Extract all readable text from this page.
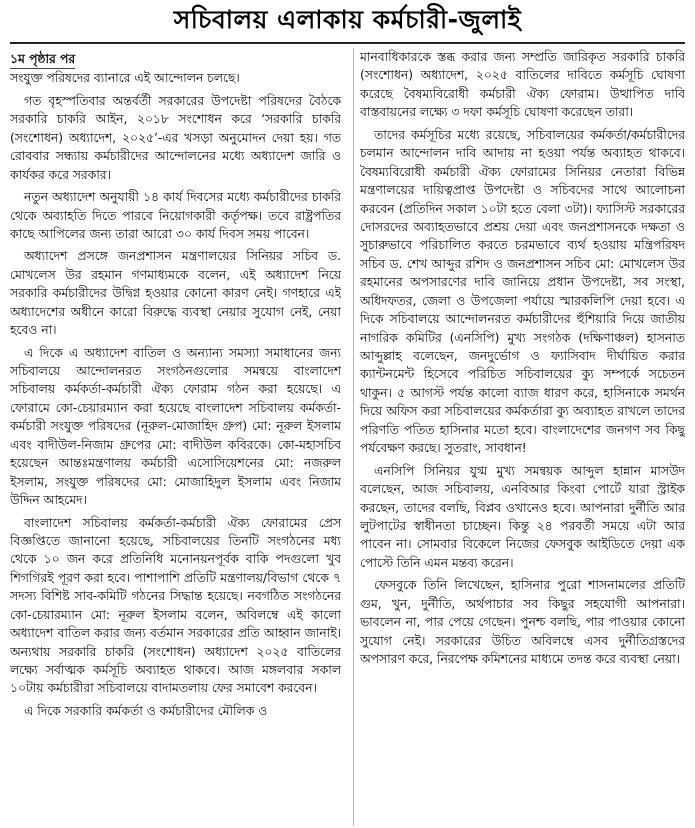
সচিবালয় এলাকায় কর্মচারী-জুলাই
১ম পৃষ্ঠার পর

সংযুক্ত পরিষদের ব্যানারে এই আন্দোলন চলছে।

গত বৃহস্পতিবার অন্তর্বর্তী সরকারের উপদেষ্টা পরিষদের বৈঠকে সরকারি চাকরি আইন, ২০১৮ সংশোধন করে ‘সরকারি চাকরি (সংশোধন) অধ্যাদেশ, ২০২৫’-এর খসড়া অনুমোদন দেয়া হয়। গত রোববার সন্ধ্যায় কর্মচারীদের আন্দোলনের মধ্যে অধ্যাদেশ জারি ও কার্যকর করে সরকার।

নতুন অধ্যাদেশ অনুযায়ী ১৪ কার্য দিবসের মধ্যে কর্মচারীদের চাকরি থেকে অব্যাহতি দিতে পারবে নিয়োগকারী কর্তৃপক্ষ। তবে রাষ্ট্রপতির কাছে আপিলের জন্য তারা আরো ৩০ কার্য দিবস সময় পাবেন।

অধ্যাদেশ প্রসঙ্গে জনপ্রশাসন মন্ত্রণালয়ের সিনিয়র সচিব ড. মোখলেস উর রহমান গণমাধ্যমকে বলেন, এই অধ্যাদেশ নিয়ে সরকারি কর্মচারীদের উদ্বিগ্ন হওয়ার কোনো কারণ নেই। গণহারে এই অধ্যাদেশের অধীনে কারো বিরুদ্ধে ব্যবস্থা নেয়ার সুযোগ নেই, নেয়া হবেও না।

এ দিকে এ অধ্যাদেশ বাতিল ও অন্যান্য সমস্যা সমাধানের জন্য সচিবালয়ে আন্দোলনরত সংগঠনগুলোর সমন্বয়ে বাংলাদেশ সচিবালয় কর্মকর্তা-কর্মচারী ঐক্য ফোরাম গঠন করা হয়েছে। এ ফোরামে কো-চেয়ারম্যান করা হয়েছে বাংলাদেশ সচিবালয় কর্মকর্তা-কর্মচারী সংযুক্ত পরিষদের (নূরুল-মোজাহিদ গ্রুপ) মো: নূরুল ইসলাম এবং বাদীউল-নিজাম গ্রুপের মো: বাদীউল কবিরকে। কো-মহাসচিব হয়েছেন আন্তঃমন্ত্রণালয় কর্মচারী এসোসিয়েশনের মো: নজরুল ইসলাম, সংযুক্ত পরিষদের মো: মোজাহিদুল ইসলাম এবং নিজাম উদ্দিন আহমেদ।

বাংলাদেশ সচিবালয় কর্মকর্তা-কর্মচারী ঐক্য ফোরামের প্রেস বিজ্ঞপ্তিতে জানানো হয়েছে, সচিবালয়ের তিনটি সংগঠনের মধ্য থেকে ১০ জন করে প্রতিনিধি মনোনয়নপূর্বক বাকি পদগুলো খুব শিগগিরই পূরণ করা হবে। পাশাপাশি প্রতিটি মন্ত্রণালয়/বিভাগ থেকে ৭ সদস্য বিশিষ্ট সাব-কমিটি গঠনের সিদ্ধান্ত হয়েছে। নবগঠিত সংগঠনের কো-চেয়ারম্যান মো: নূরুল ইসলাম বলেন, অবিলম্বে এই কালো অধ্যাদেশ বাতিল করার জন্য বর্তমান সরকারের প্রতি আহ্বান জানাই। অন্যথায় সরকারি চাকরি (সংশোধন) অধ্যাদেশ ২০২৫ বাতিলের লক্ষ্যে সর্বাত্মক কর্মসূচি অব্যাহত থাকবে। আজ মঙ্গলবার সকাল ১০টায় কর্মচারীরা সচিবালয়ে বাদামতলায় ফের সমাবেশ করবেন।

এ দিকে সরকারি কর্মকর্তা ও কর্মচারীদের মৌলিক ও

মানবাধিকারকে স্তব্ধ করার জন্য সম্প্রতি জারিকৃত সরকারি চাকরি (সংশোধন) অধ্যাদেশ, ২০২৫ বাতিলের দাবিতে কর্মসূচি ঘোষণা করেছে বৈষম্যবিরোধী কর্মচারী ঐক্য ফোরাম। উত্থাপিত দাবি বাস্তবায়নের লক্ষ্যে ৩ দফা কর্মসূচি ঘোষণা করেছেন তারা।

তাদের কর্মসূচির মধ্যে রয়েছে, সচিবালয়ের কর্মকর্তা/কর্মচারীদের চলমান আন্দোলন দাবি আদায় না হওয়া পর্যন্ত অব্যাহত থাকবে। বৈষম্যবিরোধী কর্মচারী ঐক্য ফোরামের সিনিয়র নেতারা বিভিন্ন মন্ত্রণালয়ের দায়িত্বপ্রাপ্ত উপদেষ্টা ও সচিবদের সাথে আলোচনা করবেন (প্রতিদিন সকাল ১০টা হতে বেলা ৩টা)। ফ্যাসিস্ট সরকারের দোসরদের অব্যাহতভাবে প্রশ্রয় দেয়া এবং জনপ্রশাসনকে দক্ষতা ও সুচারুভাবে পরিচালিত করতে চরমভাবে ব্যর্থ হওয়ায় মন্ত্রিপরিষদ সচিব ড. শেখ আব্দুর রশিদ ও জনপ্রশাসন সচিব মো: মোখলেস উর রহমানের অপসারণের দাবি জানিয়ে প্রধান উপদেষ্টা, সব সংস্থা, অধিদফতর, জেলা ও উপজেলা পর্যায়ে স্মারকলিপি দেয়া হবে। এ দিকে সচিবালয়ে আন্দোলনরত কর্মচারীদের হুঁশিয়ারি দিয়ে জাতীয় নাগরিক কমিটির (এনসিপি) মুখ্য সংগঠক (দক্ষিণাঞ্চল) হাসনাত আব্দুল্লাহ বলেছেন, জনদুর্ভোগ ও ফ্যাসিবাদ দীর্ঘায়িত করার ক্যান্টনমেন্ট হিসেবে পরিচিত সচিবালয়ের ক্যু সম্পর্কে সচেতন থাকুন। ৫ আগস্ট পর্যন্ত কালো ব্যাজ ধারণ করে, হাসিনাকে সমর্থন দিয়ে অফিস করা সচিবালয়ের কর্মকর্তারা ক্যু অব্যাহত রাখলে তাদের পরিণতি পতিত হাসিনার মতো হবে। বাংলাদেশের জনগণ সব কিছু পর্যবেক্ষণ করছে। সুতরাং, সাবধান!

এনসিপি সিনিয়র যুগ্ম মুখ্য সমন্বয়ক আব্দুল হান্নান মাসউদ বলেছেন, আজ সচিবালয়, এনবিআর কিংবা পোর্টে যারা স্ট্রাইক করছেন, তাদের বলছি, বিপ্লব ওখানেও হবে। আপনারা দুর্নীতি আর লুটপাটের স্বাধীনতা চাচ্ছেন। কিন্তু ২৪ পরবর্তী সময়ে এটা আর পাবেন না। সোমবার বিকেলে নিজের ফেসবুক আইডিতে দেয়া এক পোস্টে তিনি এমন মন্তব্য করেন।

ফেসবুকে তিনি লিখেছেন, হাসিনার পুরো শাসনামলের প্রতিটি গুম, খুন, দুর্নীতি, অর্থপাচার সব কিছুর সহযোগী আপনারা। ভাবলেন না, পার পেয়ে গেছেন। পুনশ্চ বলছি, পার পাওয়ার কোনো সুযোগ নেই। সরকারের উচিত অবিলম্বে এসব দুর্নীতিগ্রস্তদের অপসারণ করে, নিরপেক্ষ কমিশনের মাধ্যমে তদন্ত করে ব্যবস্থা নেয়া।
